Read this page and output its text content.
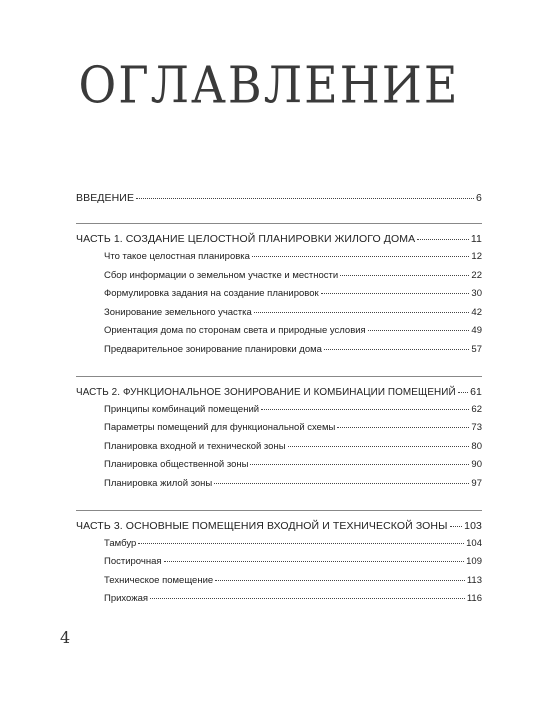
ОГЛАВЛЕНИЕ
ВВЕДЕНИЕ	6
ЧАСТЬ 1. СОЗДАНИЕ ЦЕЛОСТНОЙ ПЛАНИРОВКИ ЖИЛОГО ДОМА	11
Что такое целостная планировка	12
Сбор информации о земельном участке и местности	22
Формулировка задания на создание планировок	30
Зонирование земельного участка	42
Ориентация дома по сторонам света и природные условия	49
Предварительное зонирование планировки дома	57
ЧАСТЬ 2. ФУНКЦИОНАЛЬНОЕ ЗОНИРОВАНИЕ И КОМБИНАЦИИ ПОМЕЩЕНИЙ 61
Принципы комбинаций помещений	62
Параметры помещений для функциональной схемы	73
Планировка входной и технической зоны	80
Планировка общественной зоны	90
Планировка жилой зоны	97
ЧАСТЬ 3. ОСНОВНЫЕ ПОМЕЩЕНИЯ ВХОДНОЙ И ТЕХНИЧЕСКОЙ ЗОНЫ 103
Тамбур	104
Постирочная	109
Техническое помещение	113
Прихожая	116
4
